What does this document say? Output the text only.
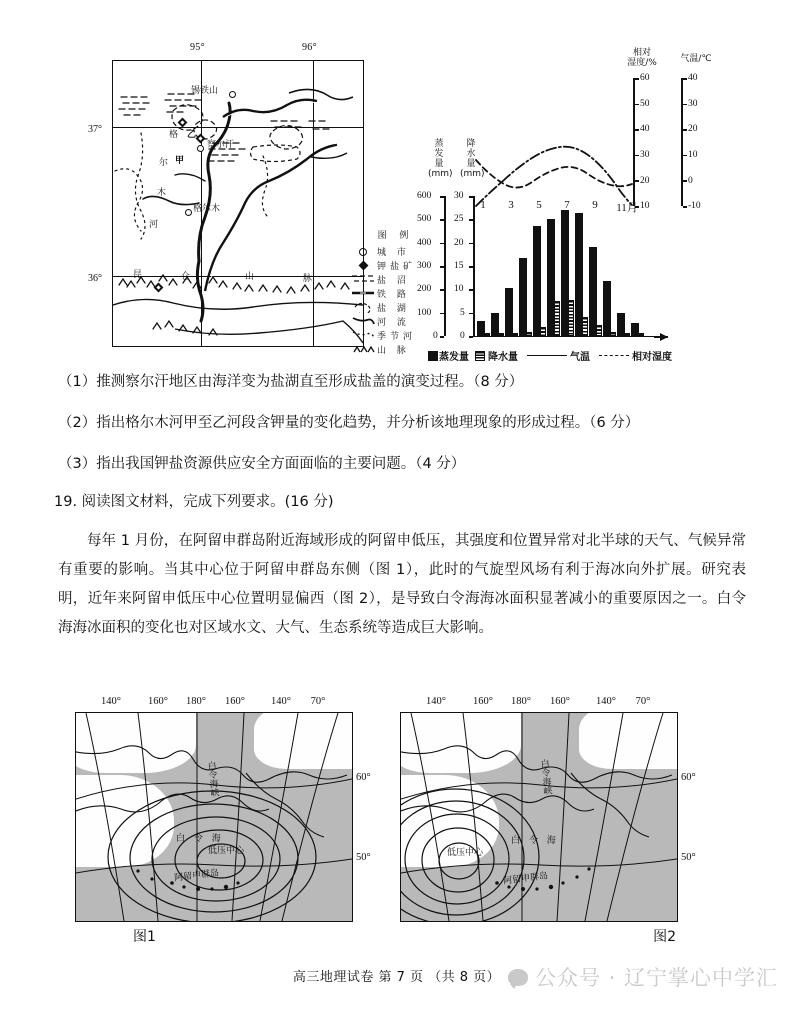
95°	96°
37°
36°
锡铁山
察尔汗
格尔木
格
尔
木
河
甲
乙
昆	仑	山	脉
图 例
城 市
钾盐矿
盐 沼
铁 路
盐 湖
河 流
季节河
山 脉
600
500
400
300
200
100
0
蒸
发
量
(mm)
30
25
20
15
10
5
0
降
水
量
(mm)
60
50
40
30
20
10
相对
湿度/%
40
30
20
10
0
-10
气温/℃
1 3 5 7 9 11月
蒸发量 降水量	气温	相对湿度
（1）推测察尔汗地区由海洋变为盐湖直至形成盐盖的演变过程。（8 分）
（2）指出格尔木河甲至乙河段含钾量的变化趋势，并分析该地理现象的形成过程。（6 分）
（3）指出我国钾盐资源供应安全方面面临的主要问题。（4 分）
19. 阅读图文材料，完成下列要求。(16 分)
每年 1 月份，在阿留申群岛附近海域形成的阿留申低压，其强度和位置异常对北半球的天气、气候异常有重要的影响。当其中心位于阿留申群岛东侧（图 1），此时的气旋型风场有利于海冰向外扩展。研究表明，近年来阿留申低压中心位置明显偏西（图 2），是导致白令海海冰面积显著减小的重要原因之一。白令海海冰面积的变化也对区域水文、大气、生态系统等造成巨大影响。
140°	160° 180° 160° 140° 70°
60°
50°
白令海峡
白 令 海
低压中心
阿留申群岛
图1
140°	160° 180° 160° 140° 70°
60°
50°
白令海峡
白 令 海
低压中心
阿留申群岛
图2
高三地理试卷 第 7 页 （共 8 页）	公众号 · 辽宁掌心中学汇
